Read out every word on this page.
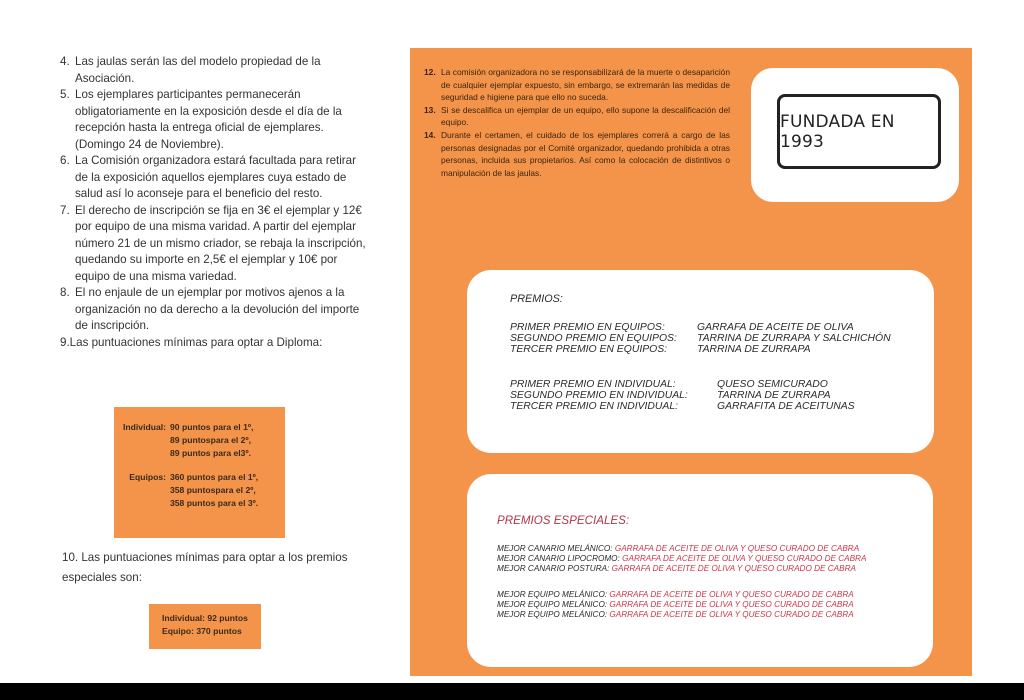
4. Las jaulas serán las del modelo propiedad de la Asociación.
5. Los ejemplares participantes permanecerán obligatoriamente en la exposición desde el día de la recepción hasta la entrega oficial de ejemplares. (Domingo 24 de Noviembre).
6. La Comisión organizadora estará facultada para retirar de la exposición aquellos ejemplares cuya estado de salud así lo aconseje para el beneficio del resto.
7. El derecho de inscripción se fija en 3€ el ejemplar y 12€ por equipo de una misma varidad. A partir del ejemplar número 21 de un mismo criador, se rebaja la inscripción, quedando su importe en 2,5€ el ejemplar y 10€ por equipo de una misma variedad.
8. El no enjaule de un ejemplar por motivos ajenos a la organización no da derecho a la devolución del importe de inscripción.
9.Las puntuaciones mínimas para optar a Diploma:
Individual: 90 puntos para el 1º,
89 puntospara el 2º,
89 puntos para el3º.
Equipos: 360 puntos para el 1º,
358 puntospara el 2º,
358 puntos para el 3º.
10. Las puntuaciones mínimas para optar a los premios especiales son:
Individual: 92 puntos
Equipo: 370 puntos
12. La comisión organizadora no se responsabilizará de la muerte o desaparición de cualquier ejemplar expuesto, sin embargo, se extremarán las medidas de seguridad e higiene para que ello no suceda.
13. Si se descalifica un ejemplar de un equipo, ello supone la descalificación del equipo.
14. Durante el certamen, el cuidado de los ejemplares correrá a cargo de las personas designadas por el Comité organizador, quedando prohibida a otras personas, incluida sus propietarios. Así como la colocación de distintivos o manipulación de las jaulas.
FUNDADA EN 1993
PREMIOS:
PRIMER PREMIO EN EQUIPOS:	GARRAFA DE ACEITE DE OLIVA
SEGUNDO PREMIO EN EQUIPOS:	TARRINA DE ZURRAPA Y SALCHICHÓN
TERCER PREMIO EN EQUIPOS:	TARRINA DE ZURRAPA
PRIMER PREMIO EN INDIVIDUAL:	QUESO SEMICURADO
SEGUNDO PREMIO EN INDIVIDUAL:	TARRINA DE ZURRAPA
TERCER PREMIO EN INDIVIDUAL:	GARRAFITA DE ACEITUNAS
PREMIOS ESPECIALES:
MEJOR CANARIO MELÁNICO: GARRAFA DE ACEITE DE OLIVA Y QUESO CURADO DE CABRA
MEJOR CANARIO LIPOCROMO: GARRAFA DE ACEITE DE OLIVA Y QUESO CURADO DE CABRA
MEJOR CANARIO POSTURA: GARRAFA DE ACEITE DE OLIVA Y QUESO CURADO DE CABRA
MEJOR EQUIPO MELÁNICO: GARRAFA DE ACEITE DE OLIVA Y QUESO CURADO DE CABRA
MEJOR EQUIPO MELÁNICO: GARRAFA DE ACEITE DE OLIVA Y QUESO CURADO DE CABRA
MEJOR EQUIPO MELÁNICO: GARRAFA DE ACEITE DE OLIVA Y QUESO CURADO DE CABRA
